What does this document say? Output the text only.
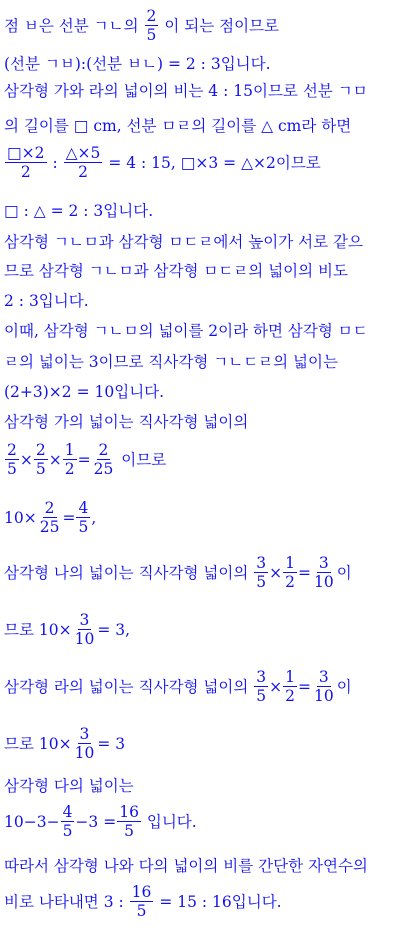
점 ㅂ은 선분 ㄱㄴ의 $\frac{2}{5}$ 이 되는 점이므로
(선분 ㄱㅂ):(선분 ㅂㄴ) = 2 : 3입니다.
삼각형 가와 라의 넓이의 비는 4 : 15이므로 선분 ㄱㅁ
의 길이를 □ cm, 선분 ㅁㄹ의 길이를 △ cm라 하면
$\frac{□\times 2}{2}$ : $\frac{\triangle\times 5}{2} = 4$ : 15, □×3 = △×2이므로
□ : △ = 2 : 3입니다.
삼각형 ㄱㄴㅁ과 삼각형 ㅁㄷㄹ에서 높이가 서로 같으
므로 삼각형 ㄱㄴㅁ과 삼각형 ㅁㄷㄹ의 넓이의 비도
2 : 3입니다.
이때, 삼각형 ㄱㄴㅁ의 넓이를 2이라 하면 삼각형 ㅁㄷ
ㄹ의 넓이는 3이므로 직사각형 ㄱㄴㄷㄹ의 넓이는
(2+3)×2 = 10입니다.
삼각형 가의 넓이는 직사각형 넓이의
$\frac{2}{5} \times \frac{2}{5} \times \frac{1}{2} = \frac{2}{25}$ 이므로
$10\times \frac{2}{25} = \frac{4}{5}$ ,
삼각형 나의 넓이는 직사각형 넓이의 $\frac{3}{5} \times \frac{1}{2} = \frac{3}{10}$ 이
므로 $10\times \frac{3}{10} = 3$,
삼각형 라의 넓이는 직사각형 넓이의 $\frac{3}{5} \times \frac{1}{2} = \frac{3}{10}$ 이
므로 $10\times \frac{3}{10} = 3$
삼각형 다의 넓이는
$10-3- \frac{4}{5} -3 = \frac{16}{5}$ 입니다.
따라서 삼각형 나와 다의 넓이의 비를 간단한 자연수의
비로 나타내면 3 : $\frac{16}{5} = 15$ : 16입니다.
